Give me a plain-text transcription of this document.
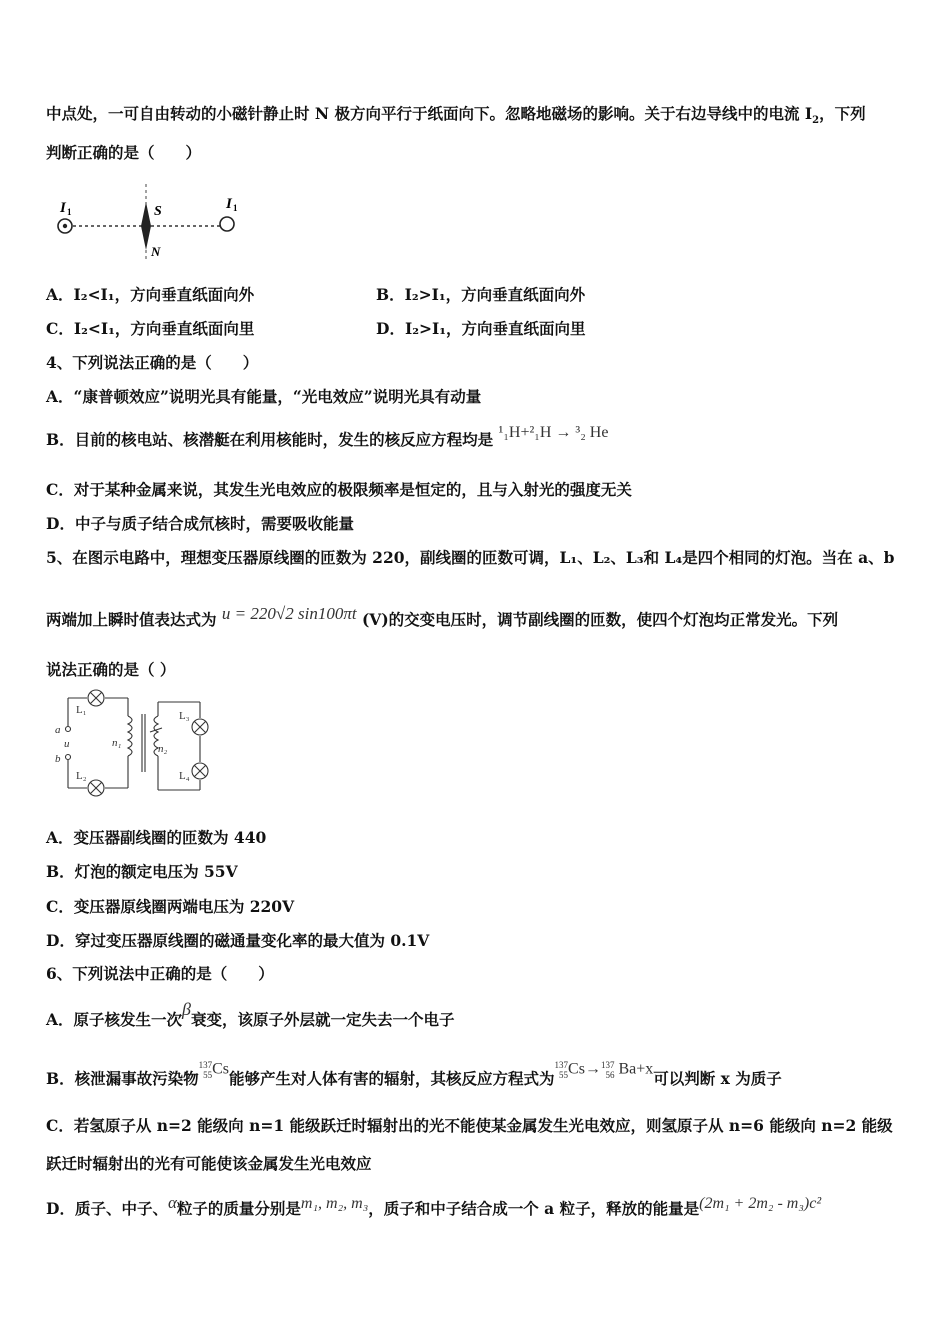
中点处，一可自由转动的小磁针静止时 N 极方向平行于纸面向下。忽略地磁场的影响。关于右边导线中的电流 $I_2$，下列
判断正确的是（　　）
I 1	S
N
I 1
A．I₂<I₁，方向垂直纸面向外	B．I₂>I₁，方向垂直纸面向外
C．I₂<I₁，方向垂直纸面向里	D．I₂>I₁，方向垂直纸面向里
4、下列说法正确的是（　　）
A．“康普顿效应”说明光具有能量，“光电效应”说明光具有动量
B．目前的核电站、核潜艇在利用核能时，发生的核反应方程均是 ¹₁H+²₁H → ³₂ He
C．对于某种金属来说，其发生光电效应的极限频率是恒定的，且与入射光的强度无关
D．中子与质子结合成氘核时，需要吸收能量
5、在图示电路中，理想变压器原线圈的匝数为 220，副线圈的匝数可调，L₁、L₂、L₃和 L₄是四个相同的灯泡。当在 a、b
两端加上瞬时值表达式为 u = 220√2 sin100πt (V)的交变电压时，调节副线圈的匝数，使四个灯泡均正常发光。下列
说法正确的是（ ）
a
u
b
L₁
L₂
n₁	n₂
L₃
L₄
A．变压器副线圈的匝数为 440
B．灯泡的额定电压为 55V
C．变压器原线圈两端电压为 220V
D．穿过变压器原线圈的磁通量变化率的最大值为 0.1V
6、下列说法中正确的是（　　）
A．原子核发生一次β衰变，该原子外层就一定失去一个电子
B．核泄漏事故污染物137
55Cs能够产生对人体有害的辐射，其核反应方程式为137
55Cs→137
56 Ba+x可以判断 x 为质子
C．若氢原子从 n=2 能级向 n=1 能级跃迁时辐射出的光不能使某金属发生光电效应，则氢原子从 n=6 能级向 n=2 能级
跃迁时辐射出的光有可能使该金属发生光电效应
D．质子、中子、α粒子的质量分别是m₁, m₂, m₃，质子和中子结合成一个 a 粒子，释放的能量是(2m₁ + 2m₂ - m₃)c²
